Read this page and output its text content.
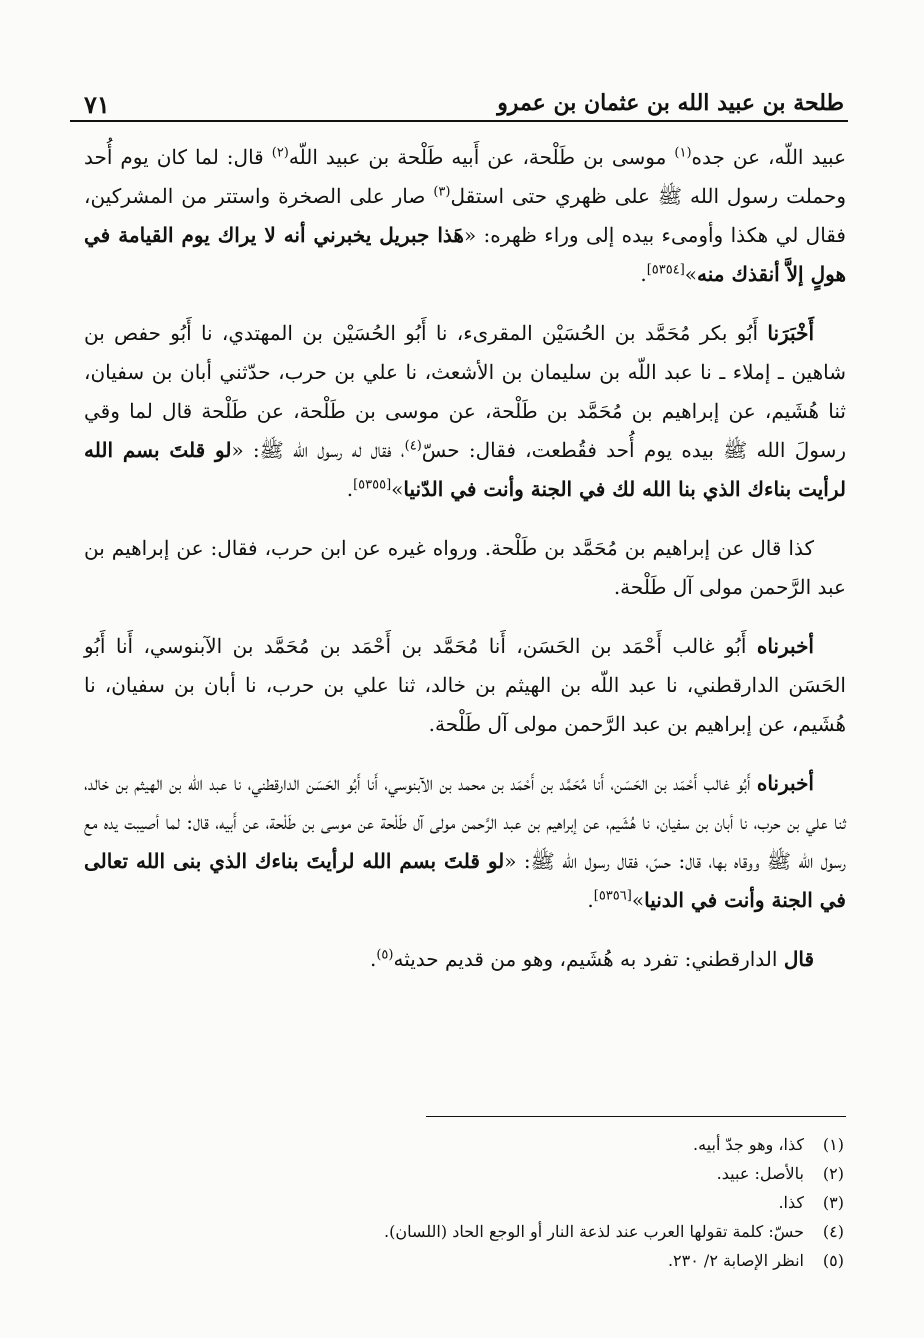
٧١	طلحة بن عبيد الله بن عثمان بن عمرو

عبيد اللّه، عن جده$^{(١)}$ موسى بن طَلْحة، عن أَبيه طَلْحة بن عبيد اللّه$^{(٢)}$ قال: لما كان يوم أُحد وحملت رسول الله ﷺ على ظهري حتى استقل$^{(٣)}$ صار على الصخرة واستتر من المشركين، فقال لي هكذا وأومىء بيده إلى وراء ظهره: «هَذا جبريل يخبرني أنه لا يراك يوم القيامة في هولٍ إلاَّ أنقذك منه»[٥٣٥٤].

أَخْبَرَنا أَبُو بكر مُحَمَّد بن الحُسَيْن المقرىء، نا أَبُو الحُسَيْن بن المهتدي، نا أَبُو حفص بن شاهين ـ إملاء ـ نا عبد اللّه بن سليمان بن الأشعث، نا علي بن حرب، حدّثني أبان بن سفيان، ثنا هُشَيم، عن إبراهيم بن مُحَمَّد بن طَلْحة، عن موسى بن طَلْحة، عن طَلْحة قال لما وقي رسولَ الله ﷺ بيده يوم أُحد فقُطعت، فقال: حسّ$^{(٤)}$، فقال له رسول الله ﷺ: «لو قلتَ بسم الله لرأيت بناءك الذي بنا الله لك في الجنة وأنت في الدّنيا»[٥٣٥٥].

كذا قال عن إبراهيم بن مُحَمَّد بن طَلْحة. ورواه غيره عن ابن حرب، فقال: عن إبراهيم بن عبد الرَّحمن مولى آل طَلْحة.

أخبرناه أَبُو غالب أَحْمَد بن الحَسَن، أَنا مُحَمَّد بن أَحْمَد بن مُحَمَّد بن الآبنوسي، أَنا أَبُو الحَسَن الدارقطني، نا عبد اللّه بن الهيثم بن خالد، ثنا علي بن حرب، نا أبان بن سفيان، نا هُشَيم، عن إبراهيم بن عبد الرَّحمن مولى آل طَلْحة.

أخبرناه أَبُو غالب أَحْمَد بن الحَسَن، أَنا مُحَمَّد بن أَحْمَد بن محمد بن الآبنوسي، أَنا أَبُو الحَسَن الدارقطني، نا عبد اللّه بن الهيثم بن خالد، ثنا علي بن حرب، نا أبان بن سفيان، نا هُشَيم، عن إبراهيم بن عبد الرَّحمن مولى آل طَلْحة عن موسى بن طَلْحة، عن أَبيه، قال: لما أصيبت يده مع رسول الله ﷺ ووقاه بها، قال: حسّ، فقال رسول الله ﷺ: «لو قلتَ بسم الله لرأيتَ بناءك الذي بنى الله تعالى في الجنة وأنت في الدنيا»[٥٣٥٦].

قال الدارقطني: تفرد به هُشَيم، وهو من قديم حديثه$^{(٥)}$.

(١)كذا، وهو جدّ أبيه.
(٢)بالأصل: عبيد.
(٣)كذا.
(٤)حسّ: كلمة تقولها العرب عند لذعة النار أو الوجع الحاد (اللسان).
(٥)انظر الإصابة ٢/ ٢٣٠.
